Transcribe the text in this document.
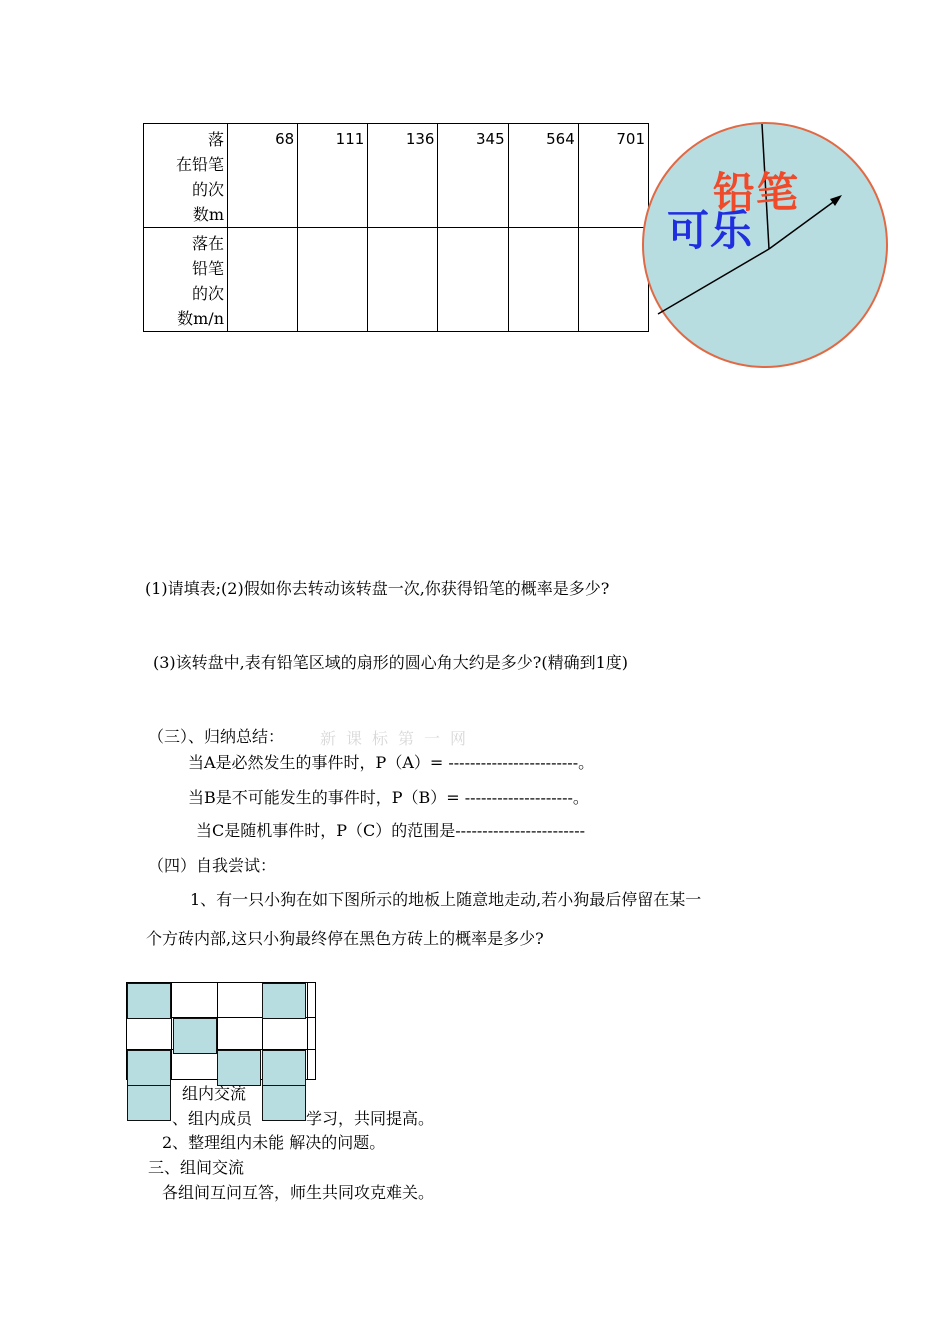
落
在铅笔
的次
数m	68	111	136	345	564	701

落在
铅笔
的次
数m/n						

铅笔
可乐
(1)请填表;(2)假如你去转动该转盘一次,你获得铅笔的概率是多少?
(3)该转盘中,表有铅笔区域的扇形的圆心角大约是多少?(精确到1度)
（三）、归纳总结： 新课标第一网
当A是必然发生的事件时，P（A）= ------------------------。
当B是不可能发生的事件时，P（B）= --------------------。
当C是随机事件时，P（C）的范围是------------------------
（四）自我尝试：
1、有一只小狗在如下图所示的地板上随意地走动,若小狗最后停留在某一
个方砖内部,这只小狗最终停在黑色方砖上的概率是多少?
组内交流
、组内成员	学习，共同提高。
2、整理组内未能 解决的问题。
三、组间交流
各组间互问互答，师生共同攻克难关。
